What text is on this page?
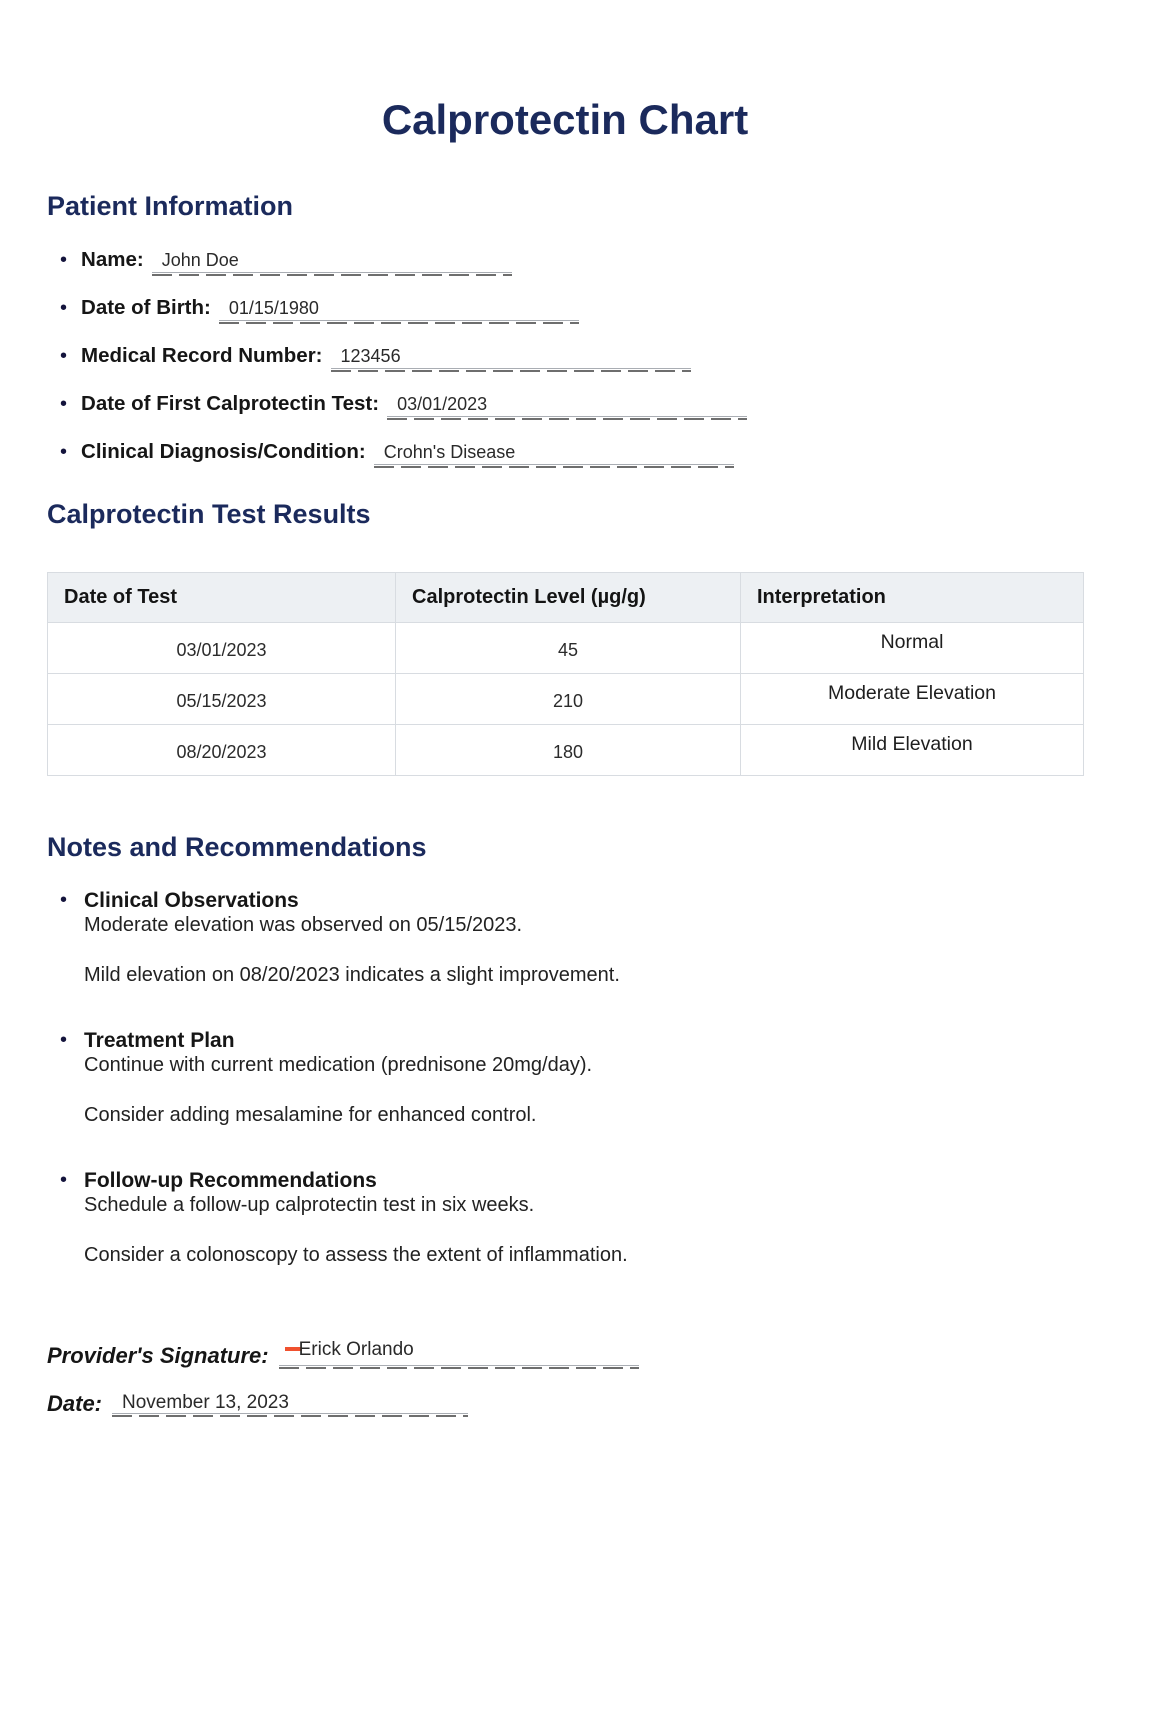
Calprotectin Chart
Patient Information
• Name:	John Doe
• Date of Birth:	01/15/1980
• Medical Record Number:	123456
• Date of First Calprotectin Test:	03/01/2023
• Clinical Diagnosis/Condition:	Crohn's Disease
Calprotectin Test Results
Date of Test	Calprotectin Level (µg/g)	Interpretation
03/01/2023	45	Normal
05/15/2023	210	Moderate Elevation
08/20/2023	180	Mild Elevation
Notes and Recommendations
• Clinical Observations
Moderate elevation was observed on 05/15/2023.
Mild elevation on 08/20/2023 indicates a slight improvement.
• Treatment Plan
Continue with current medication (prednisone 20mg/day).
Consider adding mesalamine for enhanced control.
• Follow-up Recommendations
Schedule a follow-up calprotectin test in six weeks.
Consider a colonoscopy to assess the extent of inflammation.
Provider's Signature:	Erick Orlando
Date:	November 13, 2023
